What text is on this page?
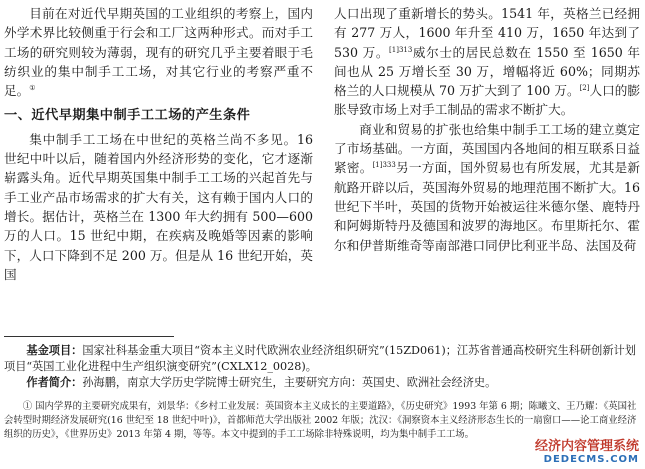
目前在对近代早期英国的工业组织的考察上，国内外学术界比较侧重于行会和工厂这两种形式。而对手工工场的研究则较为薄弱，现有的研究几乎主要着眼于毛纺织业的集中制手工工场，对其它行业的考察严重不足。①

一、近代早期集中制手工工场的产生条件

集中制手工工场在中世纪的英格兰尚不多见。16 世纪中叶以后，随着国内外经济形势的变化，它才逐渐崭露头角。近代早期英国集中制手工工场的兴起首先与手工业产品市场需求的扩大有关，这有赖于国内人口的增长。据估计，英格兰在 1300 年大约拥有 500—600 万的人口。15 世纪中期，在疾病及晚婚等因素的影响下，人口下降到不足 200 万。但是从 16 世纪开始，英国

人口出现了重新增长的势头。1541 年，英格兰已经拥有 277 万人，1600 年升至 410 万，1650 年达到了 530 万。$^{[1]313}$威尔士的居民总数在 1550 至 1650 年间也从 25 万增长至 30 万，增幅将近 60%；同期苏格兰的人口规模从 70 万扩大到了 100 万。[2]人口的膨胀导致市场上对手工制品的需求不断扩大。

商业和贸易的扩张也给集中制手工工场的建立奠定了市场基础。一方面，英国国内各地间的相互联系日益紧密。$^{[1]333}$另一方面，国外贸易也有所发展，尤其是新航路开辟以后，英国海外贸易的地理范围不断扩大。16 世纪下半叶，英国的货物开始被运往米德尔堡、鹿特丹和阿姆斯特丹及德国和波罗的海地区。布里斯托尔、霍尔和伊普斯维奇等南部港口同伊比利亚半岛、法国及荷

基金项目：国家社科基金重大项目“资本主义时代欧洲农业经济组织研究”(15ZD061)；江苏省普通高校研究生科研创新计划项目“英国工业化进程中生产组织演变研究”(CXLX12_0028)。

作者简介：孙海鹏，南京大学历史学院博士研究生，主要研究方向：英国史、欧洲社会经济史。

① 国内学界的主要研究成果有，刘景华：《乡村工业发展：英国资本主义成长的主要道路》，《历史研究》1993 年第 6 期；陈曦文、王乃耀：《英国社会转型时期经济发展研究(16 世纪至 18 世纪中叶)》，首都师范大学出版社 2002 年版；沈汉：《洞察资本主义经济形态生长的一扇窗口——论工商业经济组织的历史》，《世界历史》2013 年第 4 期，等等。本文中提到的手工工场除非特殊说明，均为集中制手工工场。

经济内容管理系统
DEDECMS.COM
